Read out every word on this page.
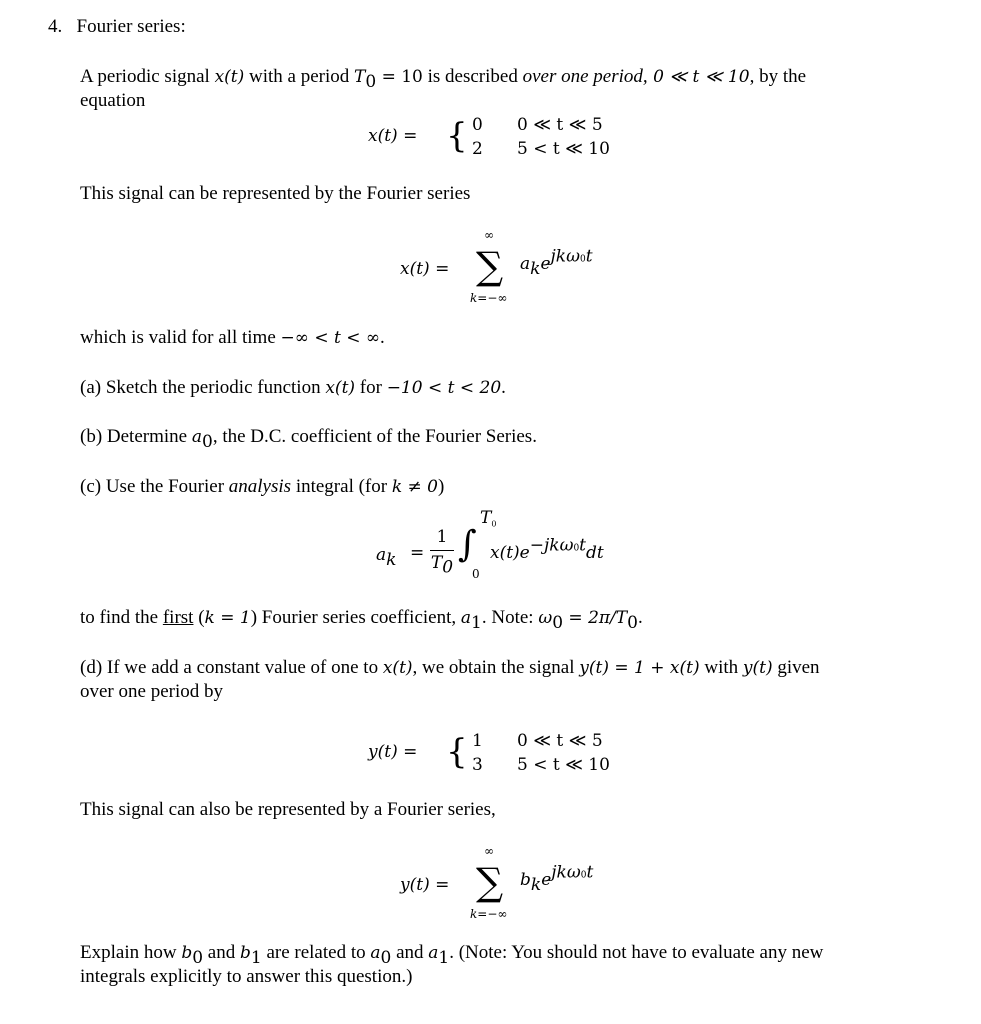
4. Fourier series:
A periodic signal x(t) with a period $T_0 = 10$ is described over one period, 0 ≪ t ≪ 10, by the
equation
x(t) = { 0
2
0 ≪ t ≪ 5
5 < t ≪ 10
This signal can be represented by the Fourier series
x(t) =
∞
∑
k=−∞
$a_ke^{jk\omega 0t}$
which is valid for all time −∞ < t < ∞.
(a) Sketch the periodic function x(t) for −10 < t < 20.
(b) Determine $a_0$, the D.C. coefficient of the Fourier Series.
(c) Use the Fourier analysis integral (for k ≠ 0)
$a_k$ =
1
$T_0$
∫
$T_0$
0
$x(t)e^{-jk\omega 0t}dt$
to find the first (k = 1) Fourier series coefficient, $a_1$. Note: $\omega_0 = 2\pi/T_0$.
(d) If we add a constant value of one to x(t), we obtain the signal y(t) = 1 + x(t) with y(t) given
over one period by
y(t) = { 1
3
0 ≪ t ≪ 5
5 < t ≪ 10
This signal can also be represented by a Fourier series,
y(t) =
∞
∑
k=−∞
$b_ke^{jk\omega 0t}$
Explain how $b_0$ and $b_1$ are related to $a_0$ and $a_1$. (Note: You should not have to evaluate any new
integrals explicitly to answer this question.)
